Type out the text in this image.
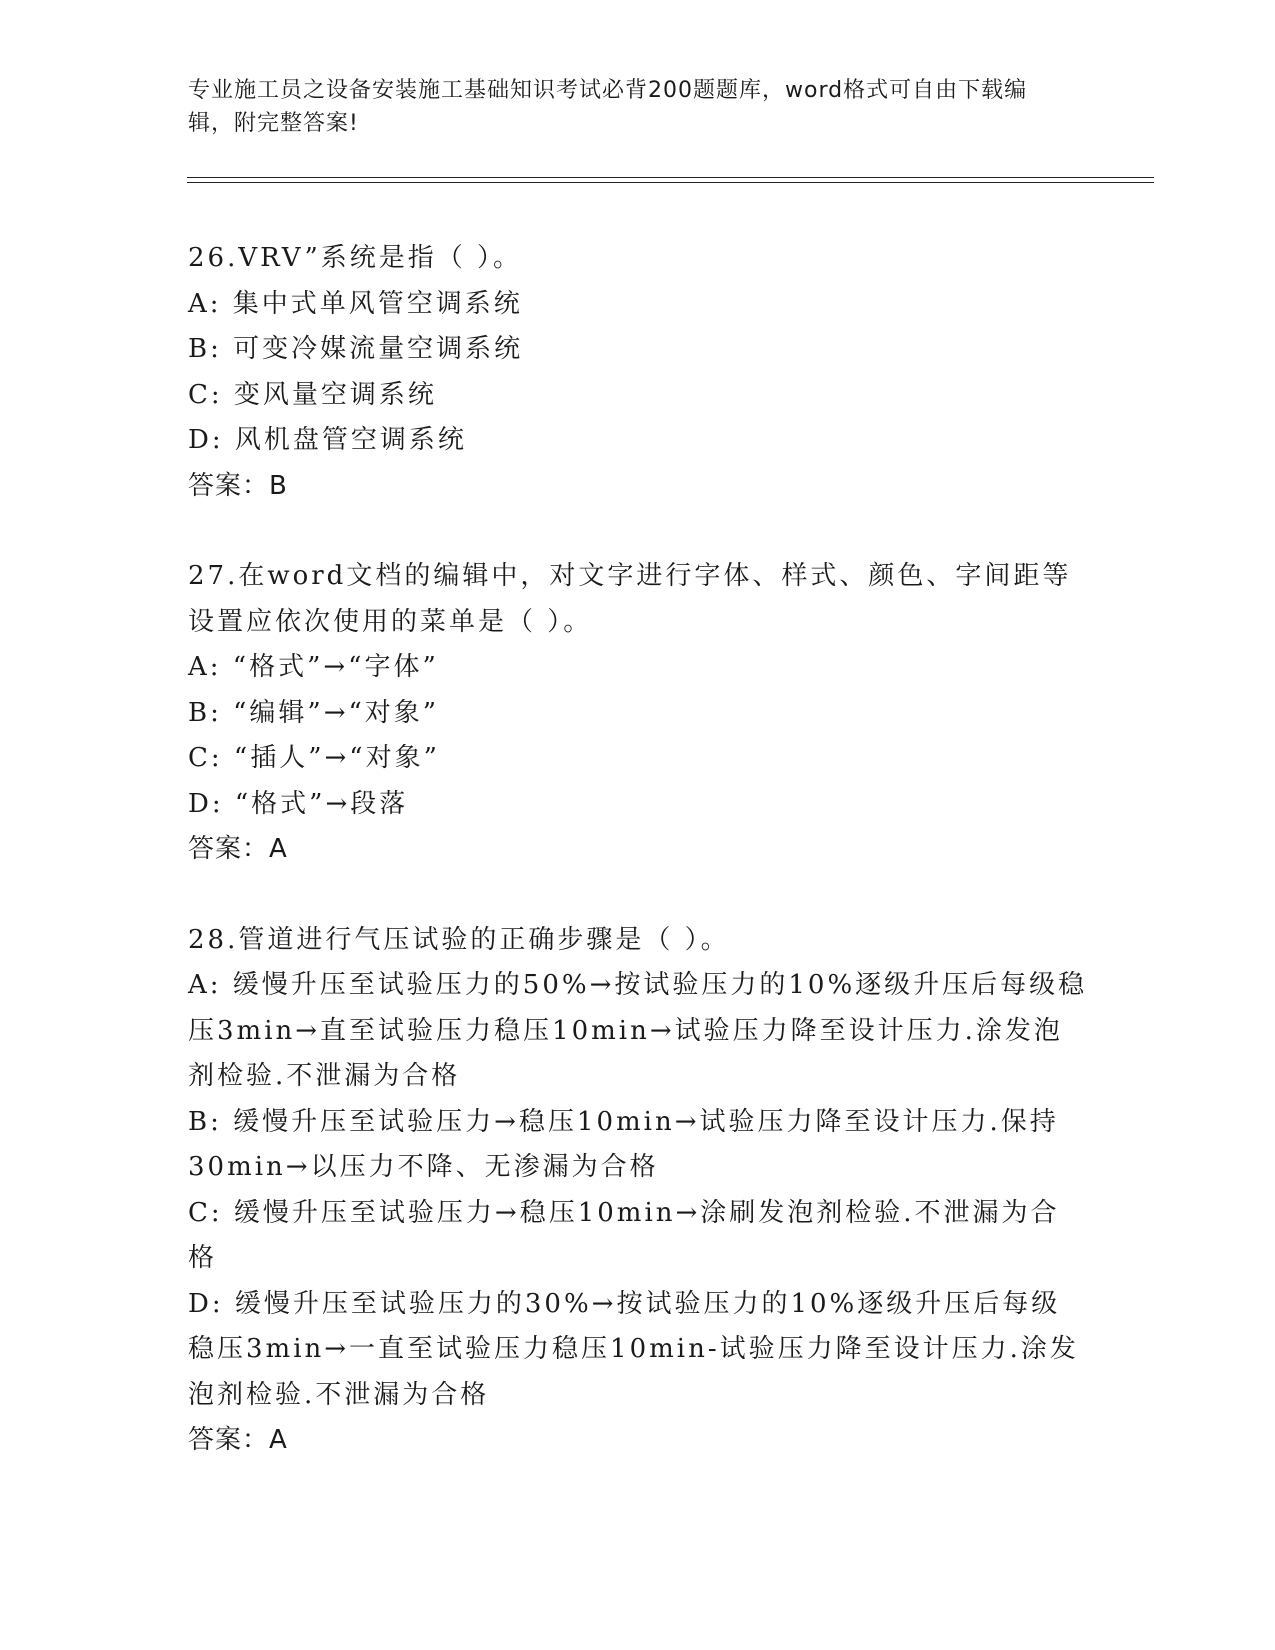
专业施工员之设备安装施工基础知识考试必背200题题库，word格式可自由下载编辑，附完整答案!
26.VRV”系统是指（ ）。
A: 集中式单风管空调系统
B: 可变冷媒流量空调系统
C: 变风量空调系统
D: 风机盘管空调系统
答案：B
27.在word文档的编辑中，对文字进行字体、样式、颜色、字间距等设置应依次使用的菜单是（ ）。
A: “格式”→“字体”
B: “编辑”→“对象”
C: “插人”→“对象”
D: “格式”→段落
答案：A
28.管道进行气压试验的正确步骤是（ ）。
A: 缓慢升压至试验压力的50%→按试验压力的10%逐级升压后每级稳压3min→直至试验压力稳压10min→试验压力降至设计压力.涂发泡剂检验.不泄漏为合格
B: 缓慢升压至试验压力→稳压10min→试验压力降至设计压力.保持30min→以压力不降、无渗漏为合格
C: 缓慢升压至试验压力→稳压10min→涂刷发泡剂检验.不泄漏为合格
D: 缓慢升压至试验压力的30%→按试验压力的10%逐级升压后每级稳压3min→一直至试验压力稳压10min-试验压力降至设计压力.涂发泡剂检验.不泄漏为合格
答案：A
